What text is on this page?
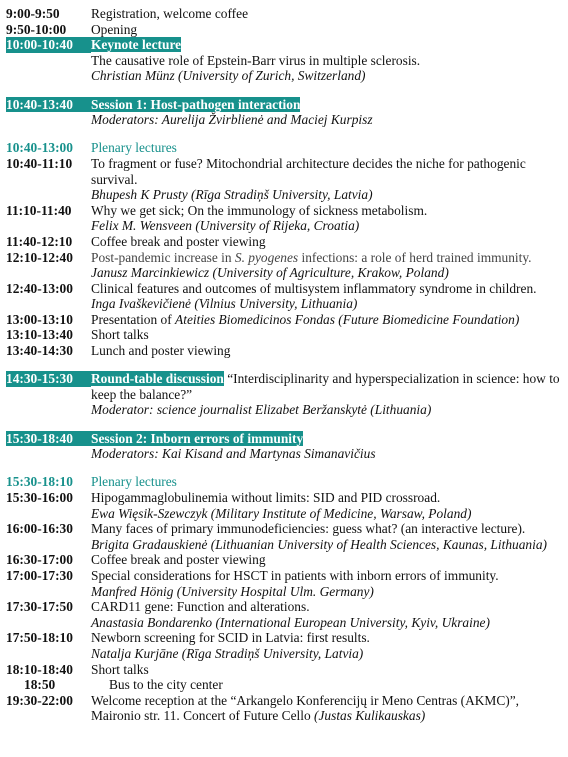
9:00-9:50	Registration, welcome coffee
9:50-10:00	Opening
10:00-10:40	Keynote lecture
The causative role of Epstein-Barr virus in multiple sclerosis.
Christian Münz (University of Zurich, Switzerland)
10:40-13:40	Session 1: Host-pathogen interaction
Moderators: Aurelija Žvirblienė and Maciej Kurpisz
10:40-13:00	Plenary lectures
10:40-11:10	To fragment or fuse? Mitochondrial architecture decides the niche for pathogenic survival.
Bhupesh K Prusty (Rīga Stradiņš University, Latvia)
11:10-11:40	Why we get sick; On the immunology of sickness metabolism.
Felix M. Wensveen (University of Rijeka, Croatia)
11:40-12:10	Coffee break and poster viewing
12:10-12:40	Post-pandemic increase in S. pyogenes infections: a role of herd trained immunity.
Janusz Marcinkiewicz (University of Agriculture, Krakow, Poland)
12:40-13:00	Clinical features and outcomes of multisystem inflammatory syndrome in children.
Inga Ivaškevičienė (Vilnius University, Lithuania)
13:00-13:10	Presentation of Ateities Biomedicinos Fondas (Future Biomedicine Foundation)
13:10-13:40	Short talks
13:40-14:30	Lunch and poster viewing
14:30-15:30	Round-table discussion “Interdisciplinarity and hyperspecialization in science: how to keep the balance?”
Moderator: science journalist Elizabet Beržanskytė (Lithuania)
15:30-18:40	Session 2: Inborn errors of immunity
Moderators: Kai Kisand and Martynas Simanavičius
15:30-18:10	Plenary lectures
15:30-16:00	Hipogammaglobulinemia without limits: SID and PID crossroad.
Ewa Więsik-Szewczyk (Military Institute of Medicine, Warsaw, Poland)
16:00-16:30	Many faces of primary immunodeficiencies: guess what? (an interactive lecture).
Brigita Gradauskienė (Lithuanian University of Health Sciences, Kaunas, Lithuania)
16:30-17:00	Coffee break and poster viewing
17:00-17:30	Special considerations for HSCT in patients with inborn errors of immunity.
Manfred Hönig (University Hospital Ulm. Germany)
17:30-17:50	CARD11 gene: Function and alterations.
Anastasia Bondarenko (International European University, Kyiv, Ukraine)
17:50-18:10	Newborn screening for SCID in Latvia: first results.
Natalja Kurjāne (Rīga Stradiņš University, Latvia)
18:10-18:40	Short talks
18:50	Bus to the city center
19:30-22:00	Welcome reception at the “Arkangelo Konferencijų ir Meno Centras (AKMC)”,
Maironio str. 11. Concert of Future Cello (Justas Kulikauskas)
